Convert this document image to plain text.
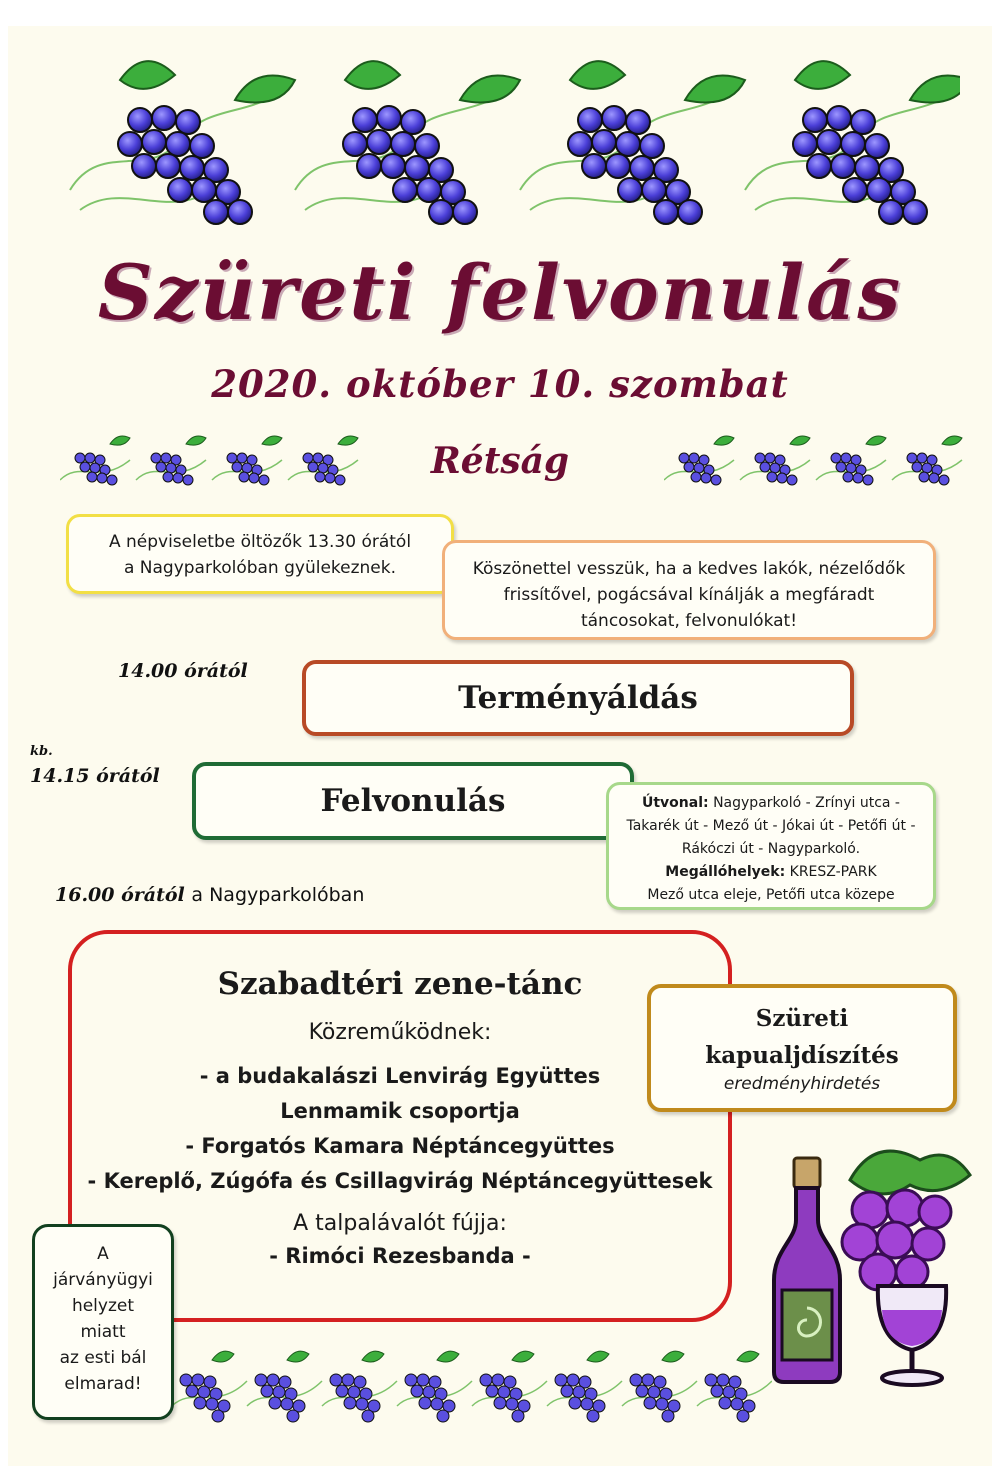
Szüreti felvonulás
2020. október 10. szombat
Rétság
A népviseletbe öltözők 13.30 órától
a Nagyparkolóban gyülekeznek.	Köszönettel vesszük, ha a kedves lakók, nézelődők
frissítővel, pogácsával kínálják a megfáradt
táncosokat, felvonulókat!
14.00 órától
Terményáldás
kb.
14.15 órától
Felvonulás	Útvonal: Nagyparkoló - Zrínyi utca -
Takarék út - Mező út - Jókai út - Petőfi út -
Rákóczi út - Nagyparkoló.
Megállóhelyek: KRESZ-PARK
Mező utca eleje, Petőfi utca közepe
16.00 órától a Nagyparkolóban
Szabadtéri zene-tánc
Közreműködnek:
- a budakalászi Lenvirág Együttes
Lenmamik csoportja
- Forgatós Kamara Néptáncegyüttes
- Kereplő, Zúgófa és Csillagvirág Néptáncegyüttesek
A talpalávalót fújja:
- Rimóci Rezesbanda -
Szüreti
kapualjdíszítés
eredményhirdetés
A
járványügyi
helyzet
miatt
az esti bál
elmarad!
